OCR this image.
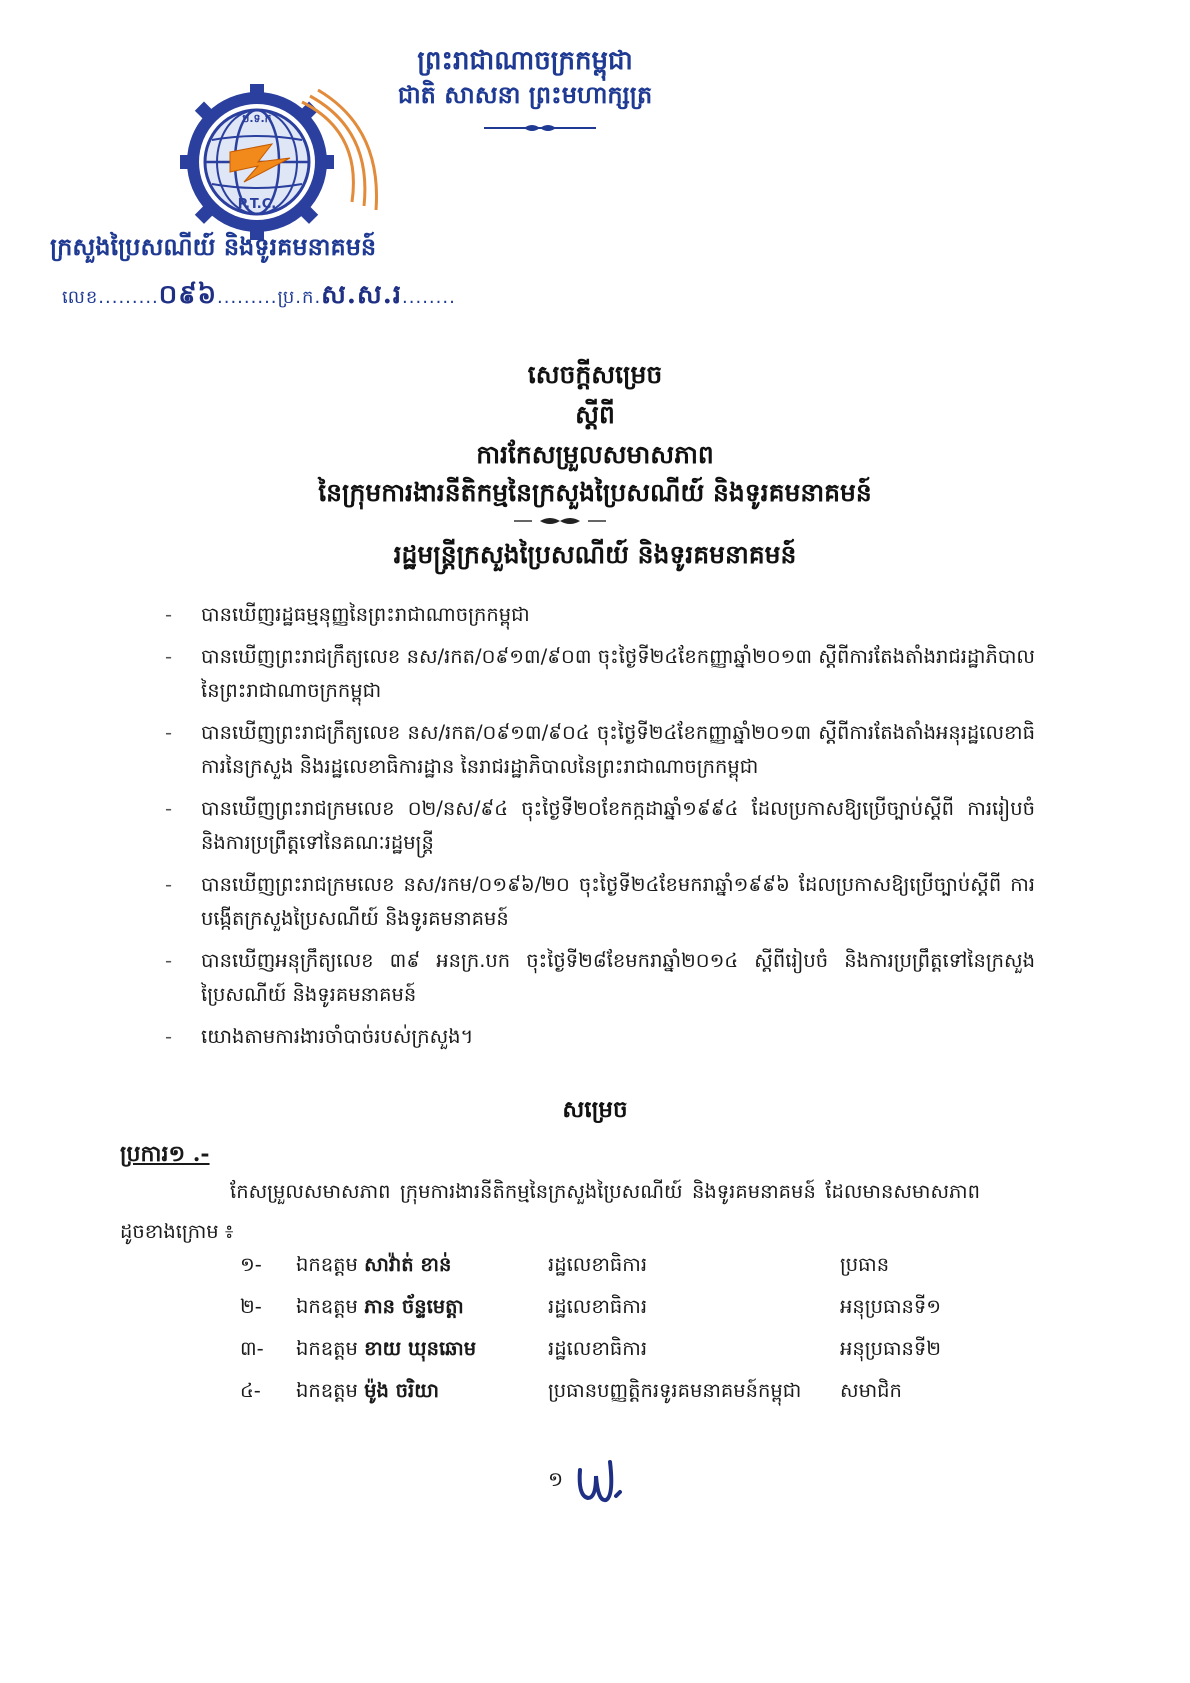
ព្រះរាជាណាចក្រកម្ពុជា
ជាតិ សាសនា ព្រះមហាក្សត្រ
ប.ទ.ក
P.T.C.
ក្រសួងប្រៃសណីយ៍ និងទូរគមនាគមន៍
លេខ.........០៩៦.........ប្រ.ក.ស.ស.រ........
សេចក្ដីសម្រេច
ស្ដីពី
ការកែសម្រួលសមាសភាព
នៃក្រុមការងារនីតិកម្មនៃក្រសួងប្រៃសណីយ៍ និងទូរគមនាគមន៍
រដ្ឋមន្ត្រីក្រសួងប្រៃសណីយ៍ និងទូរគមនាគមន៍
- បានឃើញរដ្ឋធម្មនុញ្ញនៃព្រះរាជាណាចក្រកម្ពុជា
- បានឃើញព្រះរាជក្រឹត្យលេខ នស/រកត/០៩១៣/៩០៣ ចុះថ្ងៃទី២៤ខែកញ្ញាឆ្នាំ២០១៣ ស្ដីពីការតែងតាំងរាជរដ្ឋាភិបាលនៃព្រះរាជាណាចក្រកម្ពុជា
- បានឃើញព្រះរាជក្រឹត្យលេខ នស/រកត/០៩១៣/៩០៤ ចុះថ្ងៃទី២៤ខែកញ្ញាឆ្នាំ២០១៣ ស្ដីពីការតែងតាំងអនុរដ្ឋលេខាធិការនៃក្រសួង និងរដ្ឋលេខាធិការដ្ឋាន នៃរាជរដ្ឋាភិបាលនៃព្រះរាជាណាចក្រកម្ពុជា
- បានឃើញព្រះរាជក្រមលេខ ០២/នស/៩៤ ចុះថ្ងៃទី២០ខែកក្កដាឆ្នាំ១៩៩៤ ដែលប្រកាសឱ្យប្រើច្បាប់ស្ដីពី ការរៀបចំ និងការប្រព្រឹត្តទៅនៃគណៈរដ្ឋមន្ត្រី
- បានឃើញព្រះរាជក្រមលេខ នស/រកម/០១៩៦/២០ ចុះថ្ងៃទី២៤ខែមករាឆ្នាំ១៩៩៦ ដែលប្រកាសឱ្យប្រើច្បាប់ស្ដីពី ការបង្កើតក្រសួងប្រៃសណីយ៍ និងទូរគមនាគមន៍
- បានឃើញអនុក្រឹត្យលេខ ៣៩ អនក្រ.បក ចុះថ្ងៃទី២៨ខែមករាឆ្នាំ២០១៤ ស្ដីពីរៀបចំ និងការប្រព្រឹត្តទៅនៃក្រសួងប្រៃសណីយ៍ និងទូរគមនាគមន៍
- យោងតាមការងារចាំបាច់របស់ក្រសួង។
សម្រេច
ប្រការ១ .-
កែសម្រួលសមាសភាព ក្រុមការងារនីតិកម្មនៃក្រសួងប្រៃសណីយ៍ និងទូរគមនាគមន៍ ដែលមានសមាសភាពដូចខាងក្រោម ៖
១-	ឯកឧត្តម សាវ៉ាត់ ខាន់	រដ្ឋលេខាធិការ	ប្រធាន
២-	ឯកឧត្តម ភាន ច័ន្ទមេត្តា	រដ្ឋលេខាធិការ	អនុប្រធានទី១
៣-	ឯកឧត្តម ខាយ ឃុនឆោម	រដ្ឋលេខាធិការ	អនុប្រធានទី២
៤-	ឯកឧត្តម ម៉ូង ចរិយា	ប្រធានបញ្ញត្តិករទូរគមនាគមន៍កម្ពុជា	សមាជិក
១
